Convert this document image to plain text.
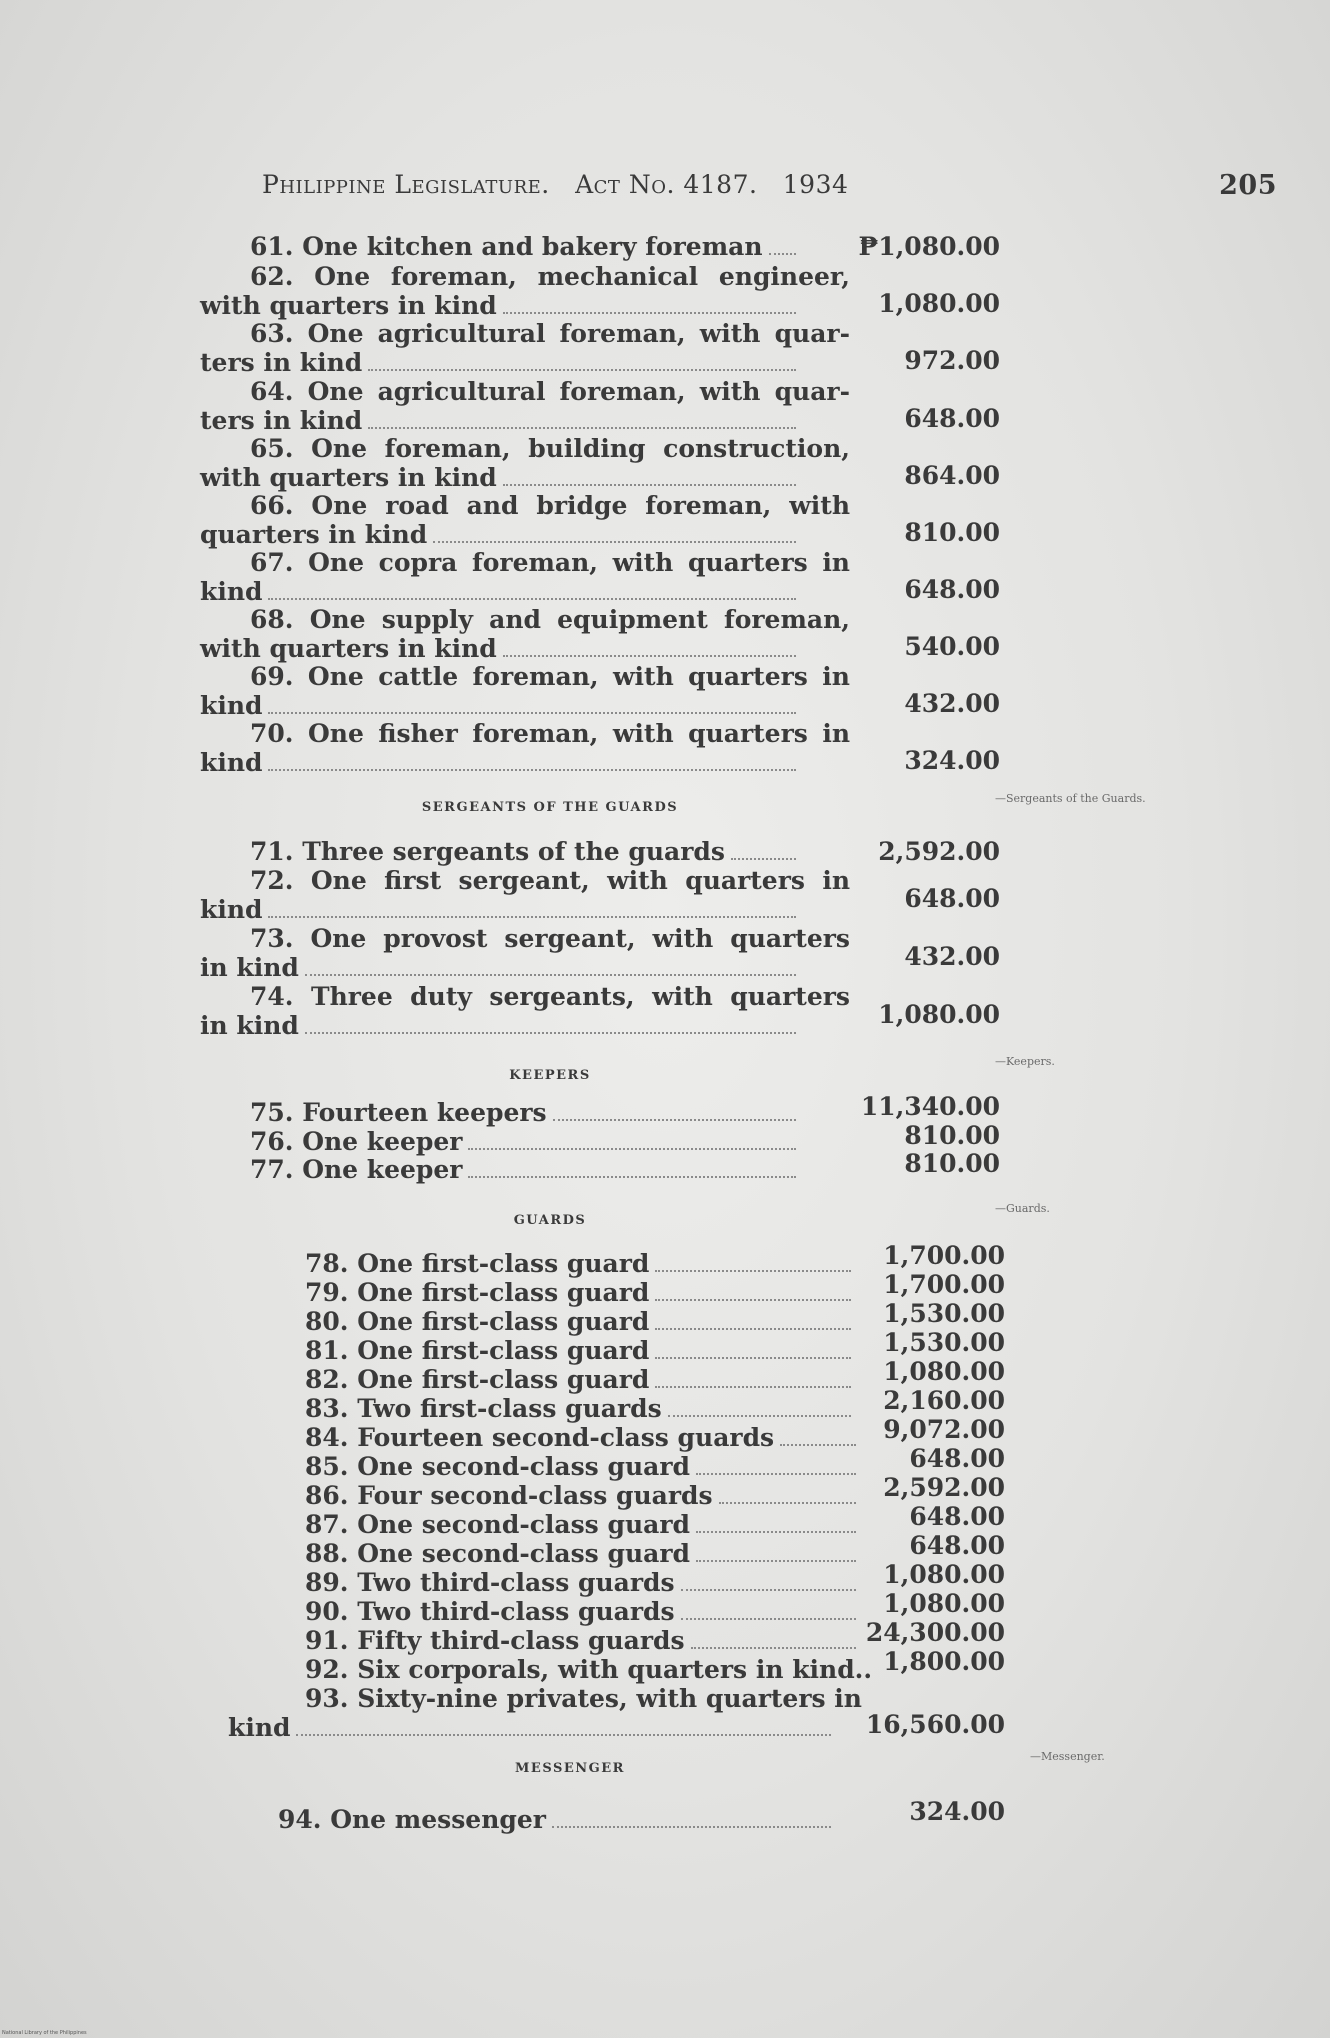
Philippine Legislature. Act No. 4187. 1934	205
61. One kitchen and bakery foreman	₱1,080.00
62. One foreman, mechanical engineer,
with quarters in kind	1,080.00
63. One agricultural foreman, with quar-
ters in kind	972.00
64. One agricultural foreman, with quar-
ters in kind	648.00
65. One foreman, building construction,
with quarters in kind	864.00
66. One road and bridge foreman, with
quarters in kind	810.00
67. One copra foreman, with quarters in
kind	648.00
68. One supply and equipment foreman,
with quarters in kind	540.00
69. One cattle foreman, with quarters in
kind	432.00
70. One fisher foreman, with quarters in
kind	324.00
SERGEANTS OF THE GUARDS
—Sergeants of the Guards.
71. Three sergeants of the guards	2,592.00
72. One first sergeant, with quarters in
kind	648.00
73. One provost sergeant, with quarters
in kind	432.00
74. Three duty sergeants, with quarters
in kind	1,080.00
KEEPERS
—Keepers.
75. Fourteen keepers	11,340.00
76. One keeper	810.00
77. One keeper	810.00
GUARDS
—Guards.
78. One first-class guard	1,700.00
79. One first-class guard	1,700.00
80. One first-class guard	1,530.00
81. One first-class guard	1,530.00
82. One first-class guard	1,080.00
83. Two first-class guards	2,160.00
84. Fourteen second-class guards	9,072.00
85. One second-class guard	648.00
86. Four second-class guards	2,592.00
87. One second-class guard	648.00
88. One second-class guard	648.00
89. Two third-class guards	1,080.00
90. Two third-class guards	1,080.00
91. Fifty third-class guards	24,300.00
92. Six corporals, with quarters in kind.. 1,800.00
93. Sixty-nine privates, with quarters in
kind	16,560.00
MESSENGER
—Messenger.
94. One messenger	324.00
National Library of the Philippines
